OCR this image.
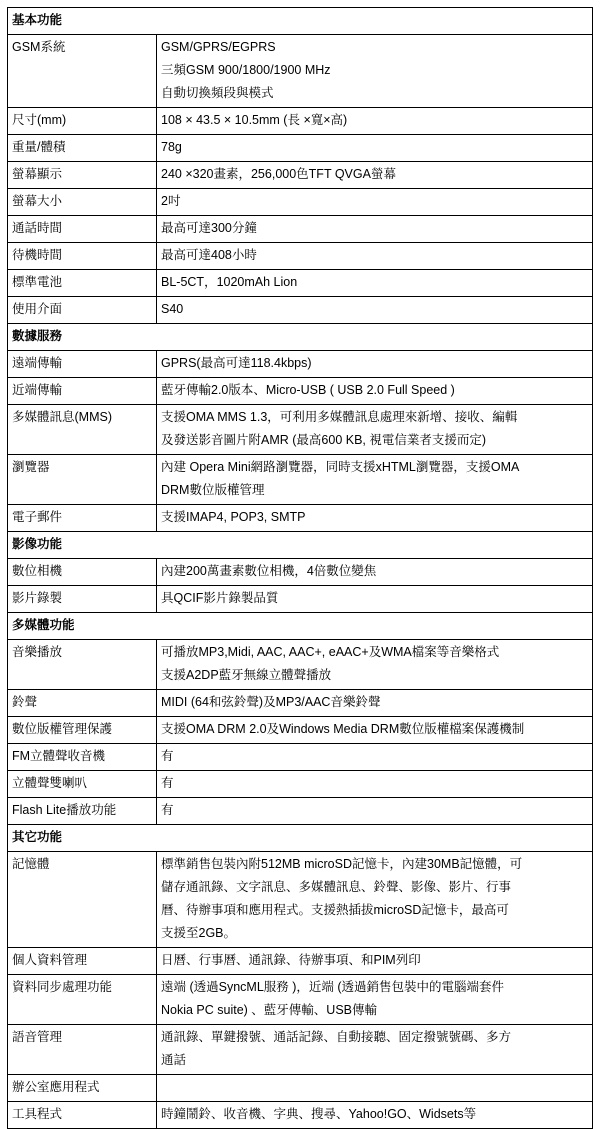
基本功能	
GSM系統	GSM/GPRS/EGPRS
三頻GSM 900/1800/1900 MHz
自動切換頻段與模式

尺寸(mm)	108 × 43.5 × 10.5mm (長 ×寬×高)

重量/體積	78g

螢幕顯示	240 ×320畫素，256,000色TFT QVGA螢幕

螢幕大小	2吋

通話時間	最高可達300分鐘

待機時間	最高可達408小時

標準電池	BL-5CT，1020mAh Lion

使用介面	S40

數據服務	
遠端傳輸	GPRS(最高可達118.4kbps)

近端傳輸	藍牙傳輸2.0版本、Micro-USB ( USB 2.0 Full Speed )

多媒體訊息(MMS)	支援OMA MMS 1.3，可利用多媒體訊息處理來新增、接收、編輯
及發送影音圖片附AMR (最高600 KB, 視電信業者支援而定)

瀏覽器	內建 Opera Mini網路瀏覽器，同時支援xHTML瀏覽器，支援OMA
DRM數位版權管理

電子郵件	支援IMAP4, POP3, SMTP

影像功能	
數位相機	內建200萬畫素數位相機，4倍數位變焦

影片錄製	具QCIF影片錄製品質

多媒體功能	
音樂播放	可播放MP3,Midi, AAC, AAC+, eAAC+及WMA檔案等音樂格式
支援A2DP藍牙無線立體聲播放

鈴聲	MIDI (64和弦鈴聲)及MP3/AAC音樂鈴聲

數位版權管理保護	支援OMA DRM 2.0及Windows Media DRM數位版權檔案保護機制

FM立體聲收音機	有

立體聲雙喇叭	有

Flash Lite播放功能	有

其它功能	
記憶體	標準銷售包裝內附512MB microSD記憶卡，內建30MB記憶體，可
儲存通訊錄、文字訊息、多媒體訊息、鈴聲、影像、影片、行事
曆、待辦事項和應用程式。支援熱插拔microSD記憶卡，最高可
支援至2GB。

個人資料管理	日曆、行事曆、通訊錄、待辦事項、和PIM列印

資料同步處理功能	遠端 (透過SyncML服務 )，近端 (透過銷售包裝中的電腦端套件
Nokia PC suite) 、藍牙傳輸、USB傳輸

語音管理	通訊錄、單鍵撥號、通話記錄、自動接聽、固定撥號號碼、多方
通話

辦公室應用程式	

工具程式	時鐘鬧鈴、收音機、字典、搜尋、Yahoo!GO、Widsets等
